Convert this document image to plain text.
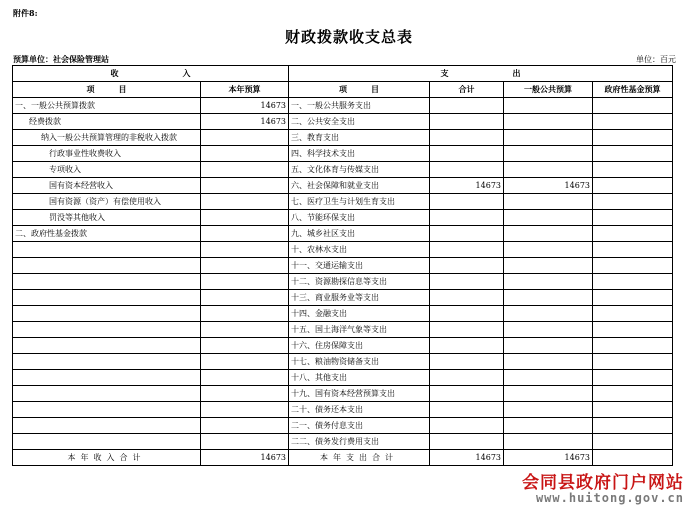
附件8:
财政拨款收支总表
预算单位：社会保险管理站	单位：百元
收　　　　　　　　入		支　　　　　　　　出			
项　　　目	本年预算	项　　　目	合计	一般公共预算	政府性基金预算
一、一般公共预算拨款	14673	一、一般公共服务支出			
经费拨款	14673	二、公共安全支出			
纳入一般公共预算管理的非税收入拨款		三、教育支出			
行政事业性收费收入		四、科学技术支出			
专项收入		五、文化体育与传媒支出			
国有资本经营收入		六、社会保障和就业支出	14673	14673	
国有资源（资产）有偿使用收入		七、医疗卫生与计划生育支出			
罚没等其他收入		八、节能环保支出			
二、政府性基金拨款		九、城乡社区支出			
		十、农林水支出			
		十一、交通运输支出			
		十二、资源勘探信息等支出			
		十三、商业服务业等支出			
		十四、金融支出			
		十五、国土海洋气象等支出			
		十六、住房保障支出			
		十七、粮油物资储备支出			
		十八、其他支出			
		十九、国有资本经营预算支出			
		二十、债务还本支出			
		二一、债务付息支出			
		二二、债务发行费用支出			
本年收入合计	14673	本年支出合计	14673	14673	
会同县政府门户网站
www.huitong.gov.cn
